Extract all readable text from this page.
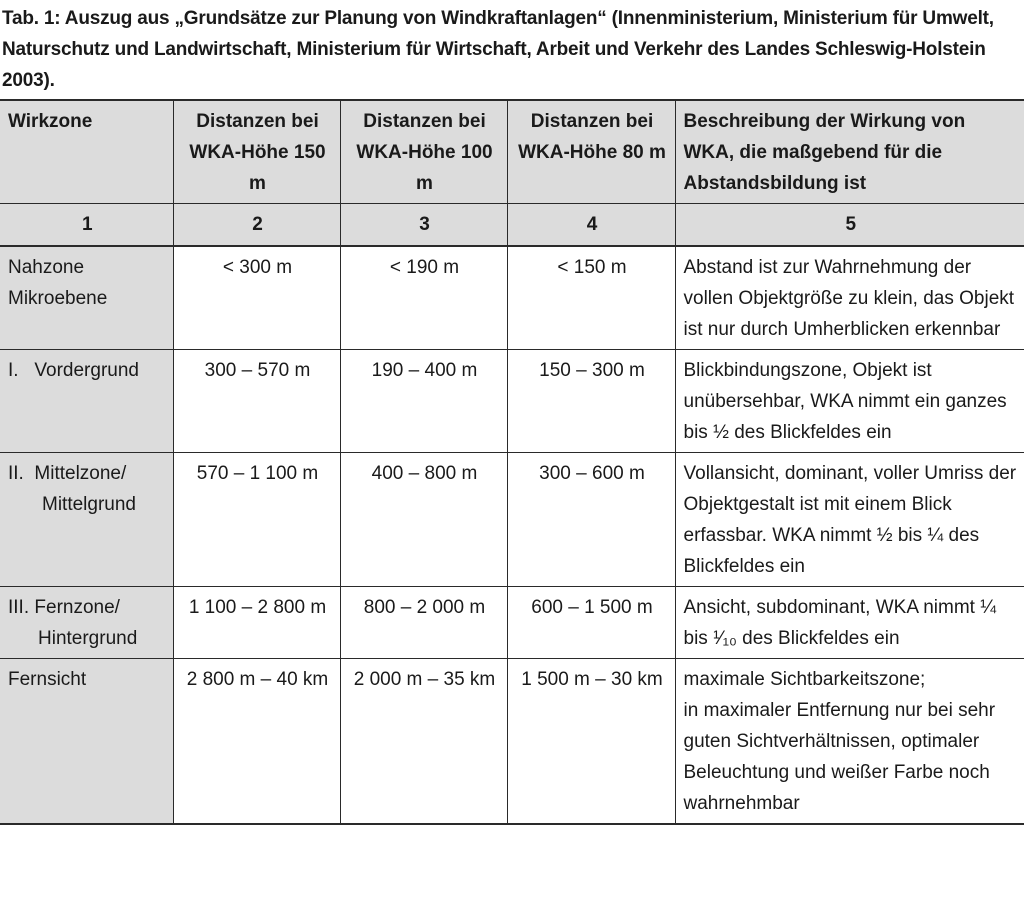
Tab. 1: Auszug aus „Grundsätze zur Planung von Windkraftanlagen“ (Innenministerium, Ministerium für Umwelt, Naturschutz und Landwirtschaft, Ministerium für Wirtschaft, Arbeit und Verkehr des Landes Schleswig-Holstein 2003).
Wirkzone	Distanzen bei WKA-Höhe 150 m	Distanzen bei WKA-Höhe 100 m	Distanzen bei WKA-Höhe 80 m	Beschreibung der Wirkung von WKA, die maßgebend für die Abstandsbildung ist
1	2	3	4	5

Nahzone
Mikroebene	< 300 m	< 190 m	< 150 m	Abstand ist zur Wahrnehmung der vollen Objektgröße zu klein, das Objekt ist nur durch Umherblicken erkennbar

I.   Vordergrund	300 – 570 m	190 – 400 m	150 – 300 m	Blickbindungszone, Objekt ist unübersehbar, WKA nimmt ein ganzes bis ½ des Blickfeldes ein

II.  Mittelzone/
Mittelgrund	570 – 1 100 m	400 – 800 m	300 – 600 m	Vollansicht, dominant, voller Umriss der Objektgestalt ist mit einem Blick erfassbar. WKA nimmt ½ bis ¼ des Blickfeldes ein

III. Fernzone/
Hintergrund	1 100 – 2 800 m	800 – 2 000 m	600 – 1 500 m	Ansicht, subdominant, WKA nimmt ¼ bis ¹⁄₁₀ des Blickfeldes ein

Fernsicht	2 800 m – 40 km	2 000 m – 35 km	1 500 m – 30 km	maximale Sichtbarkeitszone;
in maximaler Entfernung nur bei sehr guten Sichtverhältnissen, optimaler Beleuchtung und weißer Farbe noch wahrnehmbar
